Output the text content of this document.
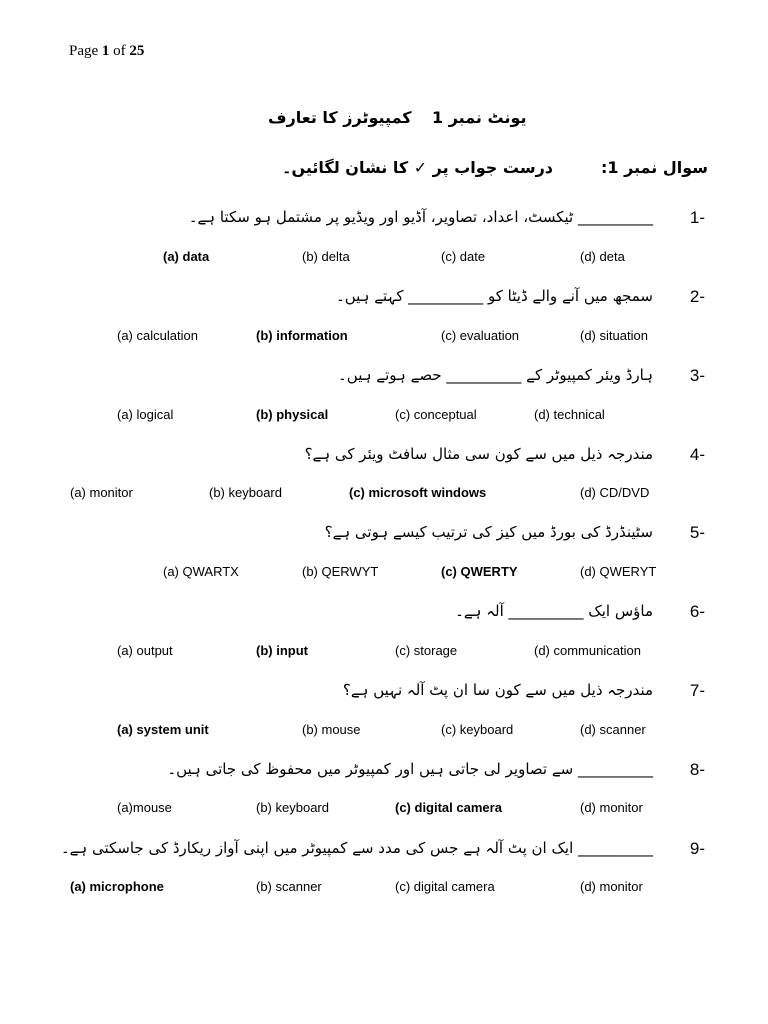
Page 1 of 25
یونٹ نمبر 1
کمپیوٹرز کا تعارف
سوال نمبر 1:
درست جواب پر ✓ کا نشان لگائیں۔
1-
__________ ٹیکسٹ، اعداد، تصاویر، آڈیو اور ویڈیو پر مشتمل ہو سکتا ہے۔
(a) data	(b) delta	(c) date	(d) deta
2-
سمجھ میں آنے والے ڈیٹا کو __________ کہتے ہیں۔
(a) calculation	(b) information	(c) evaluation	(d) situation
3-
ہارڈ ویئر کمپیوٹر کے __________ حصے ہوتے ہیں۔
(a) logical	(b) physical	(c) conceptual	(d) technical
4-
مندرجہ ذیل میں سے کون سی مثال سافٹ ویئر کی ہے؟
(a) monitor	(b) keyboard	(c) microsoft windows	(d) CD/DVD
5-
سٹینڈرڈ کی بورڈ میں کیز کی ترتیب کیسے ہوتی ہے؟
(a) QWARTX	(b) QERWYT	(c) QWERTY	(d) QWERYT
6-
ماؤس ایک __________ آلہ ہے۔
(a) output	(b) input	(c) storage	(d) communication
7-
مندرجہ ذیل میں سے کون سا ان پٹ آلہ نہیں ہے؟
(a) system unit	(b) mouse	(c) keyboard	(d) scanner
8-
__________ سے تصاویر لی جاتی ہیں اور کمپیوٹر میں محفوظ کی جاتی ہیں۔
(a)mouse	(b) keyboard	(c) digital camera	(d) monitor
9-
__________ ایک ان پٹ آلہ ہے جس کی مدد سے کمپیوٹر میں اپنی آواز ریکارڈ کی جاسکتی ہے۔
(a) microphone	(b) scanner	(c) digital camera	(d) monitor
